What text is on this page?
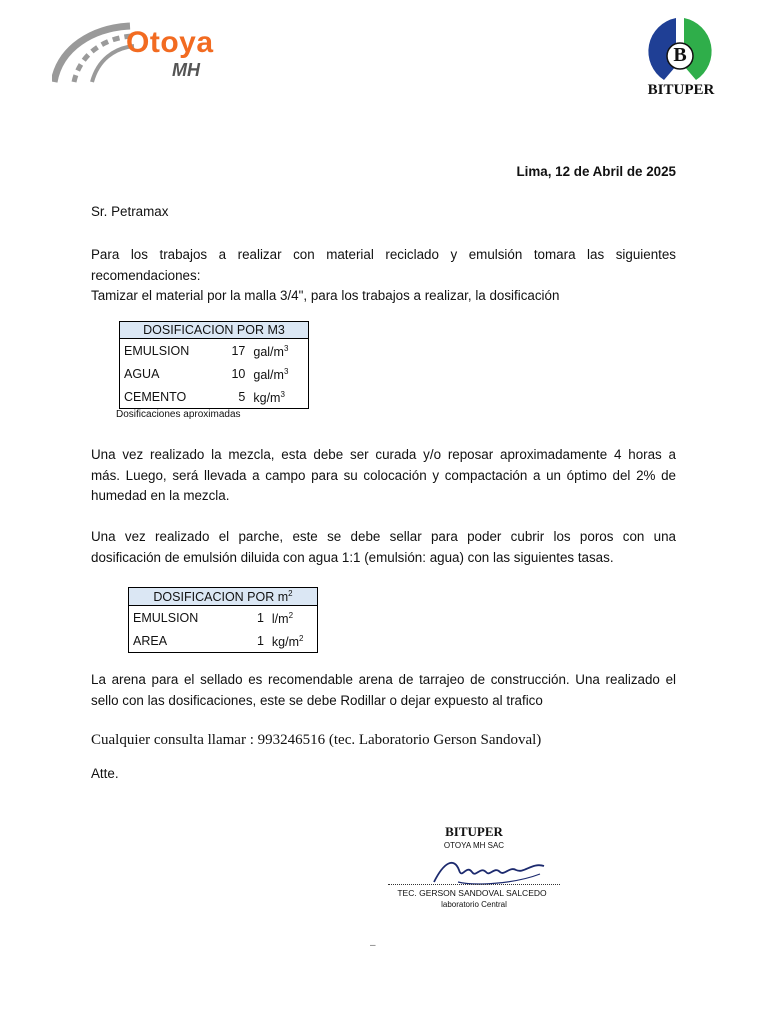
Otoya
MH
B
BITUPER
Lima, 12 de Abril de 2025
Sr. Petramax
Para los trabajos a realizar con material reciclado y emulsión tomara las siguientes
recomendaciones:
Tamizar el material por la malla 3/4", para los trabajos a realizar, la dosificación
DOSIFICACION POR M3		
EMULSION	17	gal/$m^3$
AGUA	10	gal/$m^3$
CEMENTO	5	$kg/m^3$
Dosificaciones aproximadas
Una vez realizado la mezcla, esta debe ser curada y/o reposar aproximadamente 4 horas a
más. Luego, será llevada a campo para su colocación y compactación a un óptimo del 2% de
humedad en la mezcla.
Una vez realizado el parche, este se debe sellar para poder cubrir los poros con una
dosificación de emulsión diluida con agua 1:1 (emulsión: agua) con las siguientes tasas.
DOSIFICACION POR $m^2$
EMULSION	1	$l/m^2$
AREA	1	$kg/m^2$
La arena para el sellado es recomendable arena de tarrajeo de construcción. Una realizado el
sello con las dosificaciones, este se debe Rodillar o dejar expuesto al trafico
Cualquier consulta llamar : 993246516 (tec. Laboratorio Gerson Sandoval)
Atte.
BITUPER
OTOYA MH SAC
TEC. GERSON SANDOVAL SALCEDO
laboratorio Central
–
